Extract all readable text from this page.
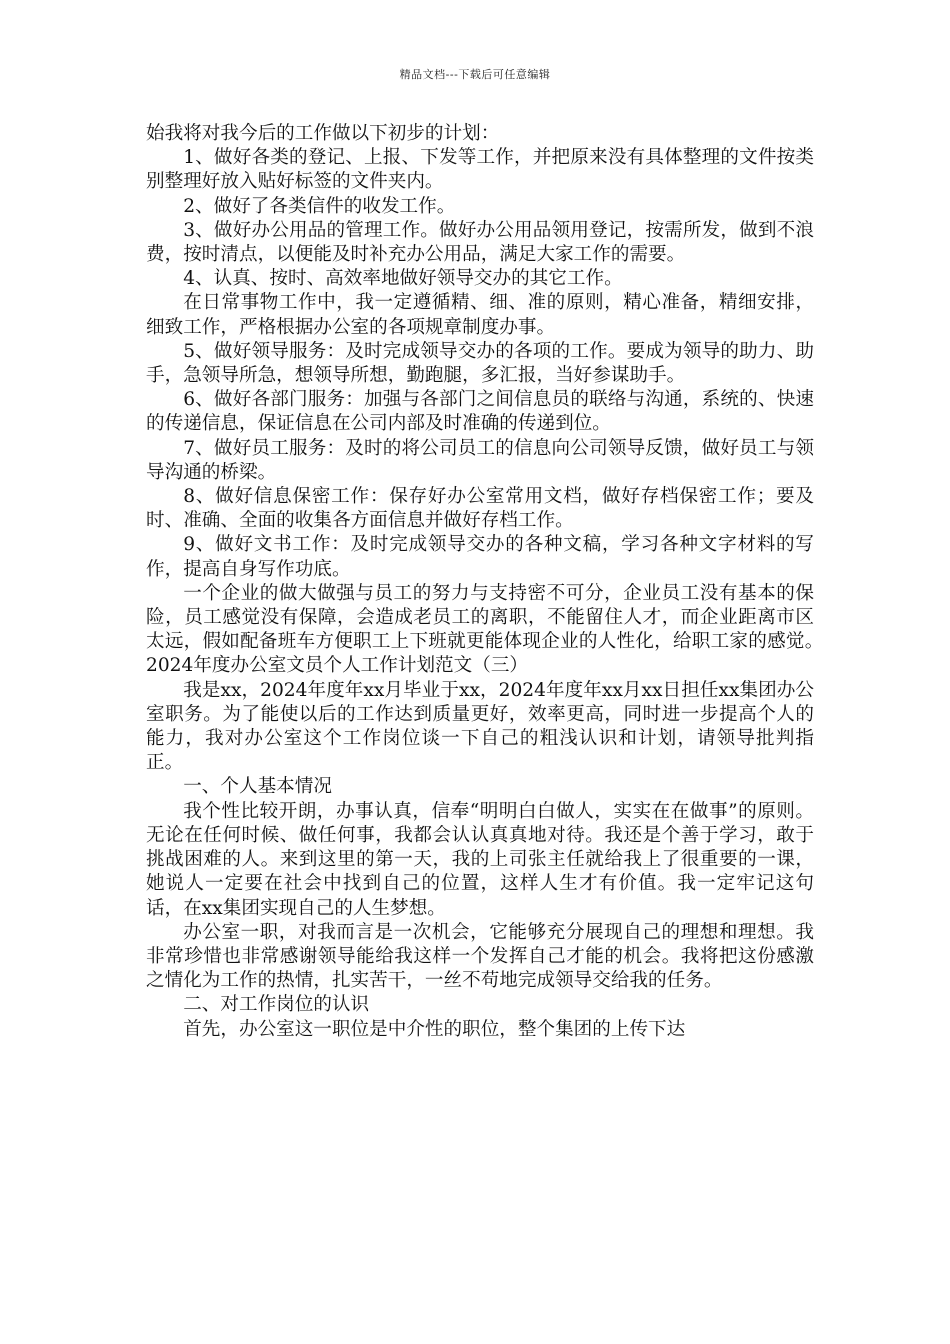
精品文档---下载后可任意编辑

始我将对我今后的工作做以下初步的计划：

1、做好各类的登记、上报、下发等工作，并把原来没有具体整理的文件按类别整理好放入贴好标签的文件夹内。

2、做好了各类信件的收发工作。

3、做好办公用品的管理工作。做好办公用品领用登记，按需所发，做到不浪费，按时清点，以便能及时补充办公用品，满足大家工作的需要。

4、认真、按时、高效率地做好领导交办的其它工作。

在日常事物工作中，我一定遵循精、细、准的原则，精心准备，精细安排，细致工作，严格根据办公室的各项规章制度办事。

5、做好领导服务：及时完成领导交办的各项的工作。要成为领导的助力、助手，急领导所急，想领导所想，勤跑腿，多汇报，当好参谋助手。

6、做好各部门服务：加强与各部门之间信息员的联络与沟通，系统的、快速的传递信息，保证信息在公司内部及时准确的传递到位。

7、做好员工服务：及时的将公司员工的信息向公司领导反馈，做好员工与领导沟通的桥梁。

8、做好信息保密工作：保存好办公室常用文档，做好存档保密工作；要及时、准确、全面的收集各方面信息并做好存档工作。

9、做好文书工作：及时完成领导交办的各种文稿，学习各种文字材料的写作，提高自身写作功底。

一个企业的做大做强与员工的努力与支持密不可分，企业员工没有基本的保险，员工感觉没有保障，会造成老员工的离职，不能留住人才，而企业距离市区太远，假如配备班车方便职工上下班就更能体现企业的人性化，给职工家的感觉。　　2024年度办公室文员个人工作计划范文（三）

我是xx，2024年度年xx月毕业于xx，2024年度年xx月xx日担任xx集团办公室职务。为了能使以后的工作达到质量更好，效率更高，同时进一步提高个人的能力，我对办公室这个工作岗位谈一下自己的粗浅认识和计划，请领导批判指正。

一、个人基本情况

我个性比较开朗，办事认真，信奉“明明白白做人，实实在在做事”的原则。无论在任何时候、做任何事，我都会认认真真地对待。我还是个善于学习，敢于挑战困难的人。来到这里的第一天，我的上司张主任就给我上了很重要的一课，她说人一定要在社会中找到自己的位置，这样人生才有价值。我一定牢记这句话，在xx集团实现自己的人生梦想。

办公室一职，对我而言是一次机会，它能够充分展现自己的理想和理想。我非常珍惜也非常感谢领导能给我这样一个发挥自己才能的机会。我将把这份感激之情化为工作的热情，扎实苦干，一丝不苟地完成领导交给我的任务。

二、对工作岗位的认识

首先，办公室这一职位是中介性的职位，整个集团的上传下达
